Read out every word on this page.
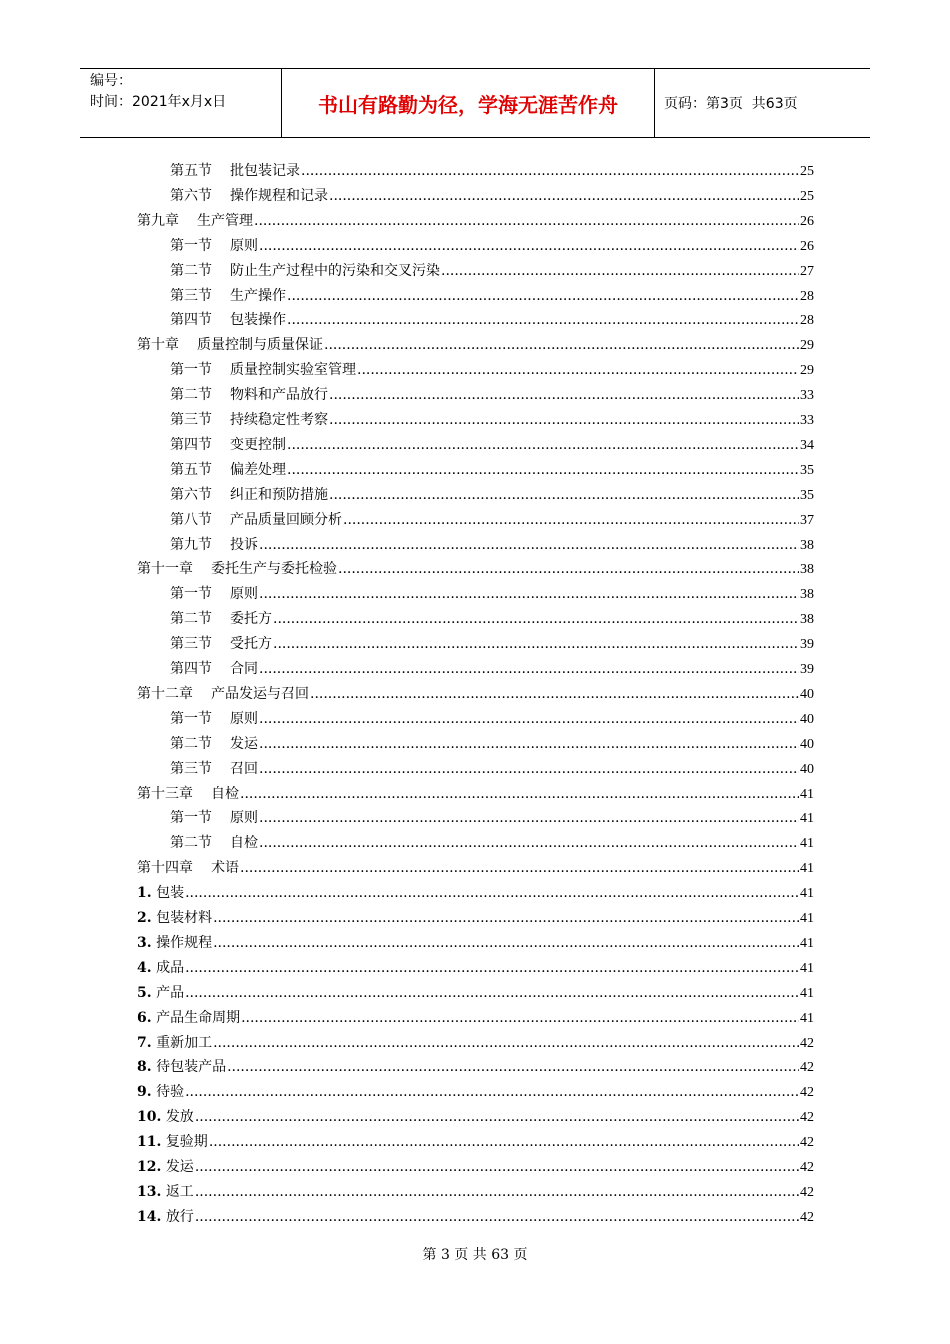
编号：
时间：2021年x月x日	书山有路勤为径，学海无涯苦作舟	页码：第3页  共63页
第五节 批包装记录 .....	25
第六节 操作规程和记录 .....	25
第九章 生产管理 .....	26
第一节 原则 .....	26
第二节 防止生产过程中的污染和交叉污染 .....	27
第三节 生产操作 .....	28
第四节 包装操作 .....	28
第十章 质量控制与质量保证 .....	29
第一节 质量控制实验室管理 .....	29
第二节 物料和产品放行 .....	33
第三节 持续稳定性考察 .....	33
第四节 变更控制 .....	34
第五节 偏差处理 .....	35
第六节 纠正和预防措施 .....	35
第八节 产品质量回顾分析 .....	37
第九节 投诉 .....	38
第十一章 委托生产与委托检验 .....	38
第一节 原则 .....	38
第二节 委托方 .....	38
第三节 受托方 .....	39
第四节 合同 .....	39
第十二章 产品发运与召回 .....	40
第一节 原则 .....	40
第二节 发运 .....	40
第三节 召回 .....	40
第十三章 自检 .....	41
第一节 原则 .....	41
第二节 自检 .....	41
第十四章 术语 .....	41
1. 包装 .....	41
2. 包装材料 .....	41
3. 操作规程 .....	41
4. 成品 .....	41
5. 产品 .....	41
6. 产品生命周期 .....	41
7. 重新加工 .....	42
8. 待包装产品 .....	42
9. 待验 .....	42
10. 发放 .....	42
11. 复验期 .....	42
12. 发运 .....	42
13. 返工 .....	42
14. 放行 .....	42
第 3 页 共 63 页
